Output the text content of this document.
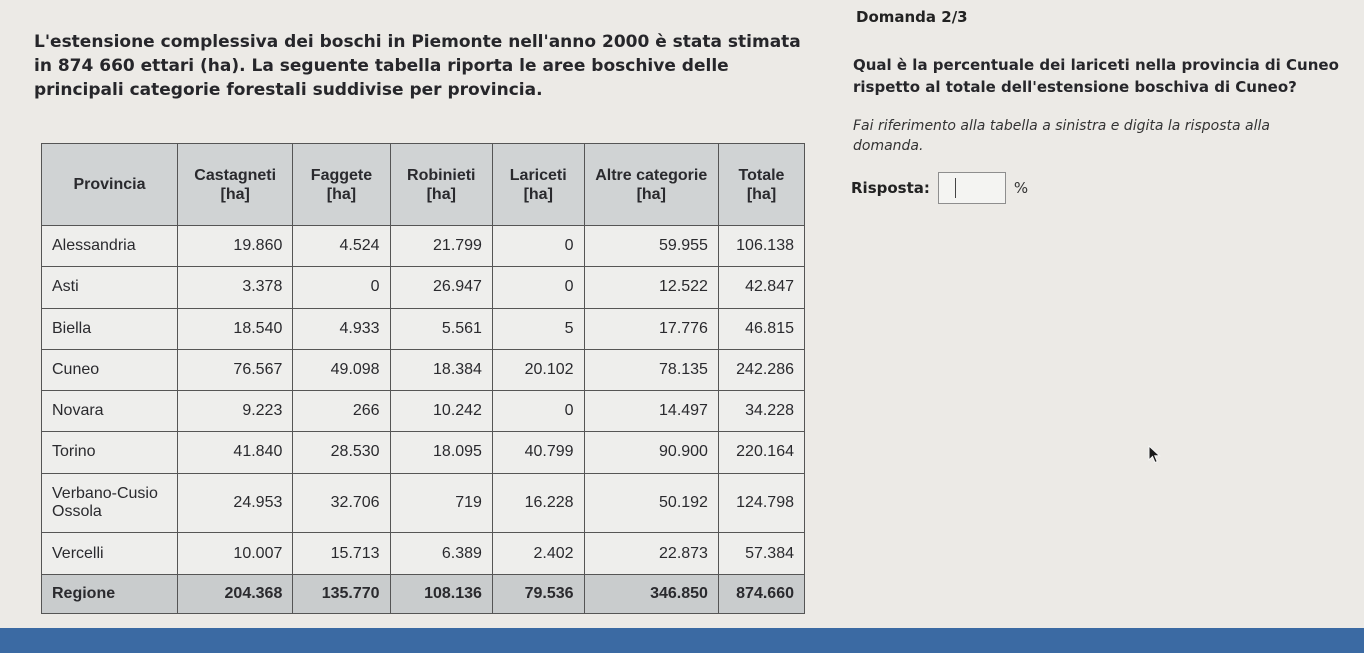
L'estensione complessiva dei boschi in Piemonte nell'anno 2000 è stata stimata in 874 660 ettari (ha). La seguente tabella riporta le aree boschive delle principali categorie forestali suddivise per provincia.
Provincia	Castagneti [ha]	Faggete [ha]	Robinieti [ha]	Lariceti [ha]	Altre categorie [ha]	Totale [ha]
Alessandria	19.860	4.524	21.799	0	59.955	106.138
Asti	3.378	0	26.947	0	12.522	42.847
Biella	18.540	4.933	5.561	5	17.776	46.815
Cuneo	76.567	49.098	18.384	20.102	78.135	242.286
Novara	9.223	266	10.242	0	14.497	34.228
Torino	41.840	28.530	18.095	40.799	90.900	220.164
Verbano-Cusio Ossola	24.953	32.706	719	16.228	50.192	124.798
Vercelli	10.007	15.713	6.389	2.402	22.873	57.384
Regione	204.368	135.770	108.136	79.536	346.850	874.660
Domanda 2/3
Qual è la percentuale dei lariceti nella provincia di Cuneo rispetto al totale dell'estensione boschiva di Cuneo?
Fai riferimento alla tabella a sinistra e digita la risposta alla domanda.
Risposta:	%
